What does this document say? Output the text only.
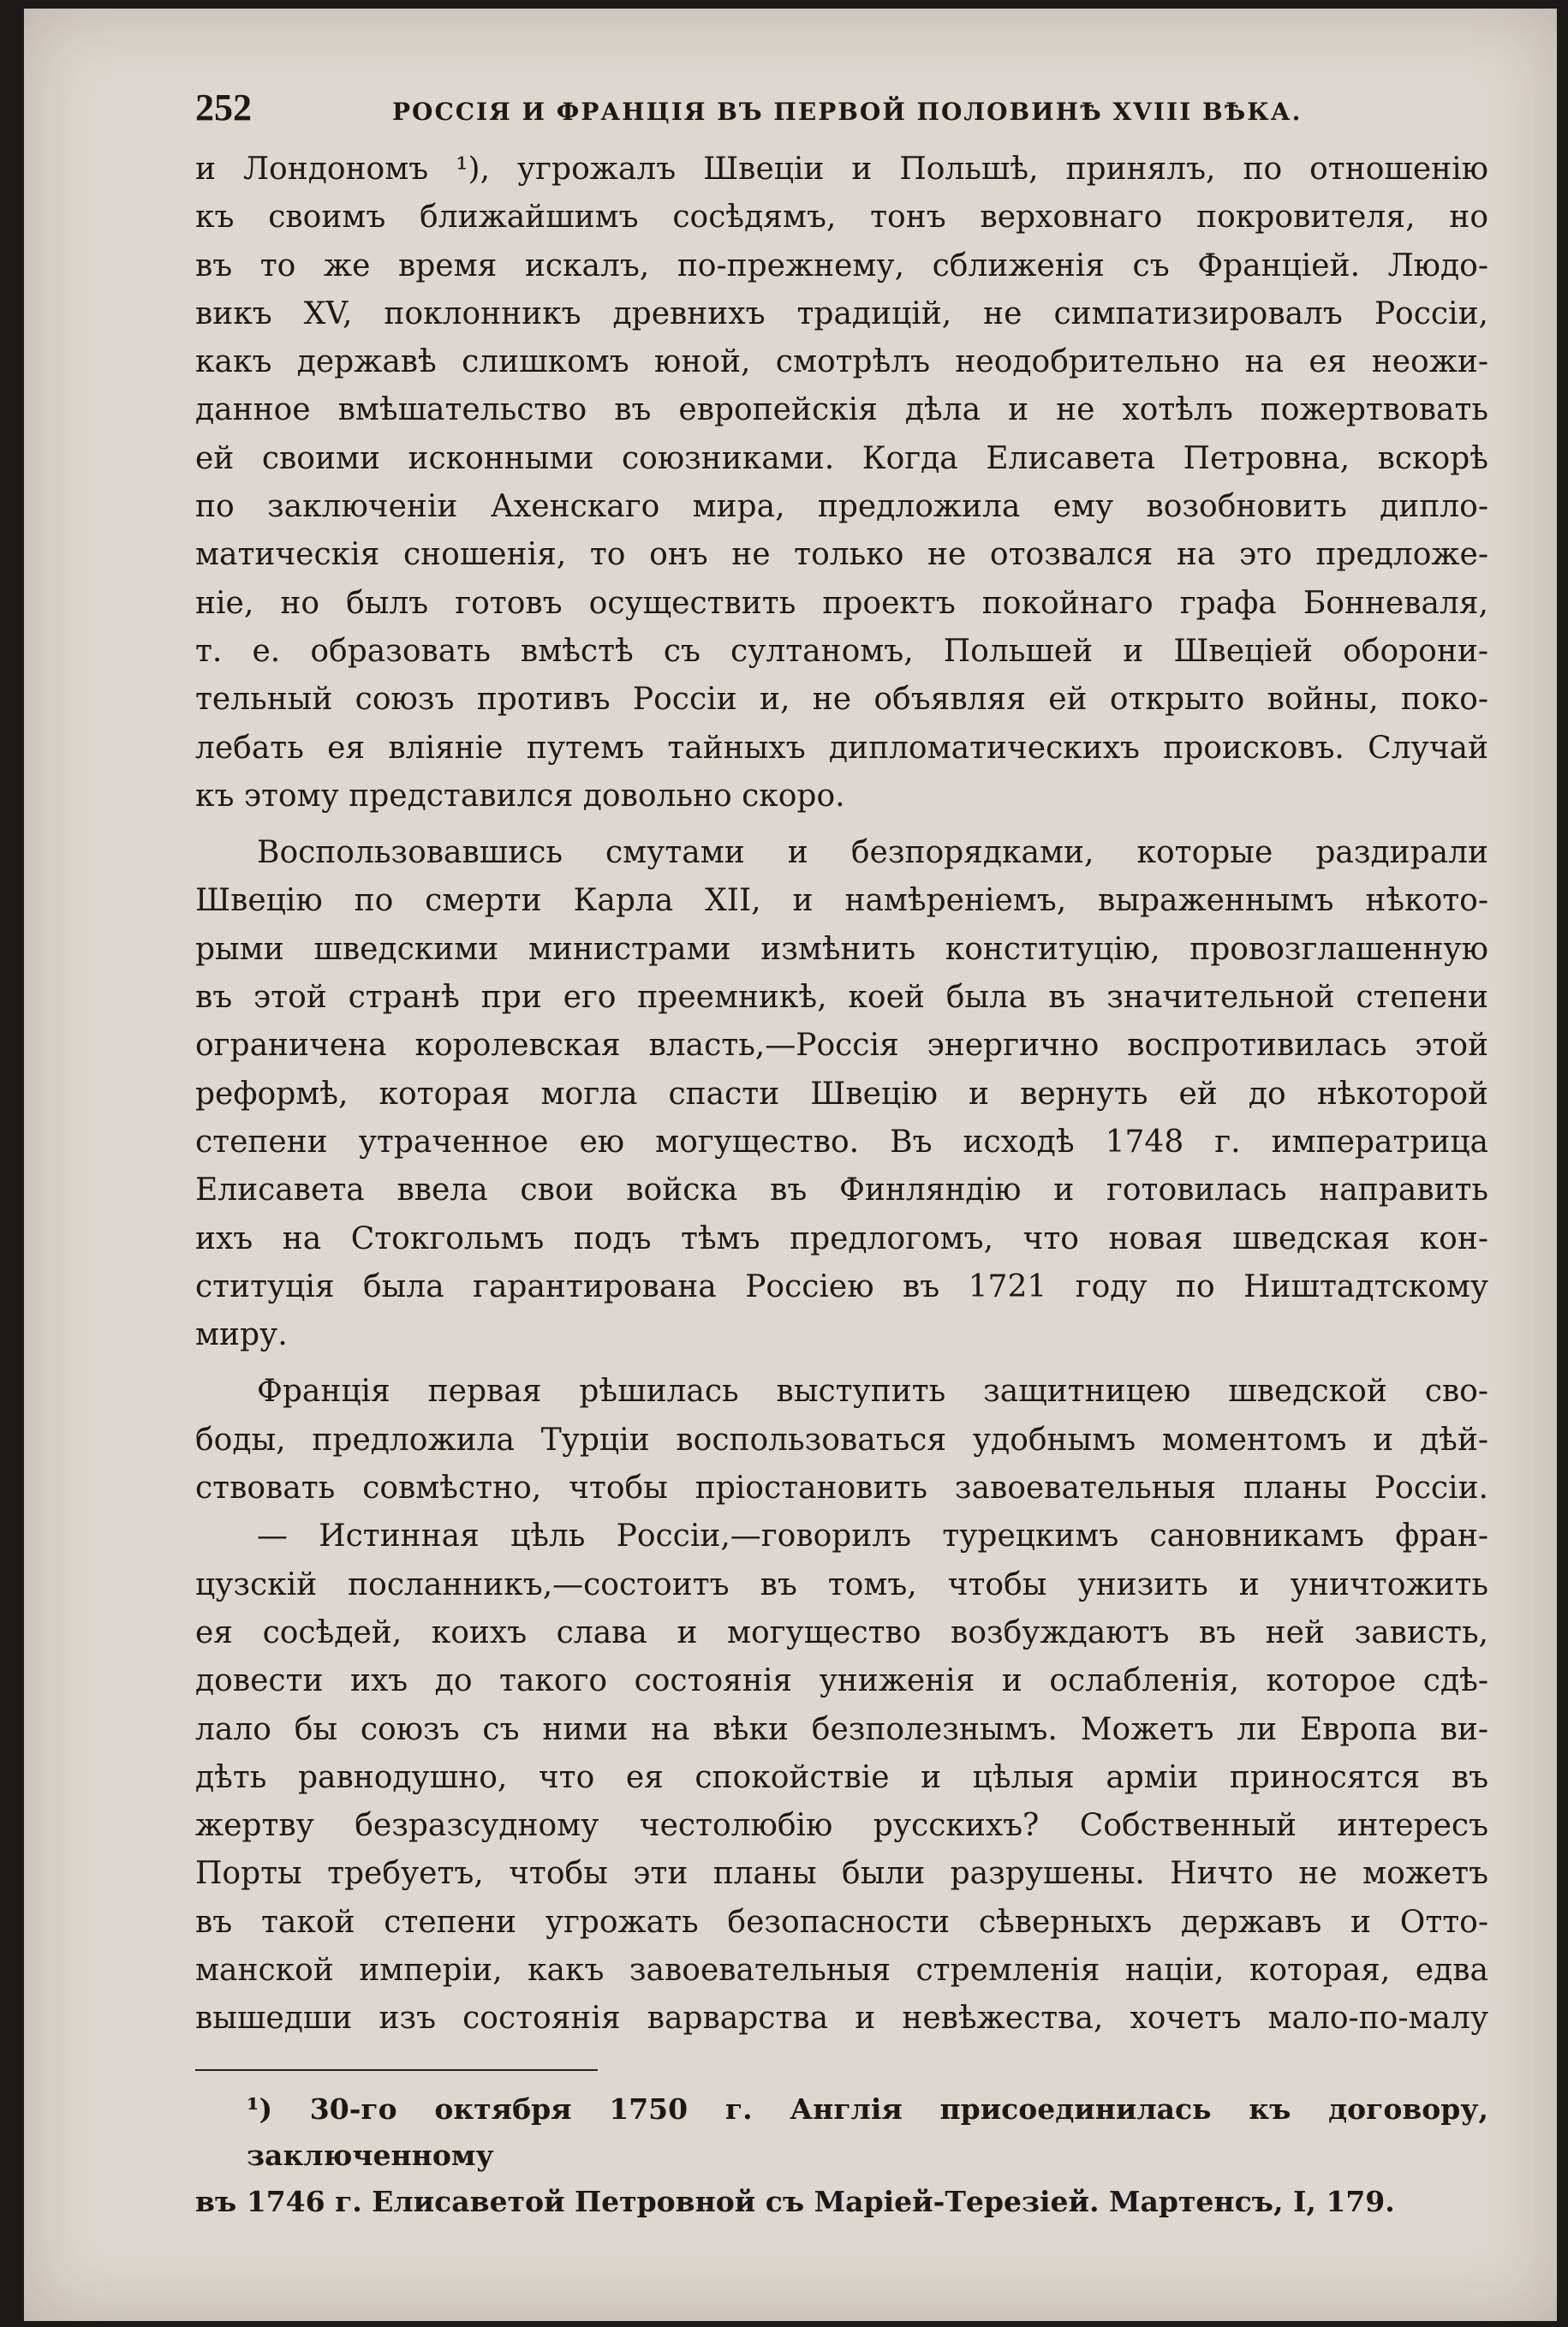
252	РОССІЯ И ФРАНЦІЯ ВЪ ПЕРВОЙ ПОЛОВИНѢ XVIII ВѢКА.

и Лондономъ ¹), угрожалъ Швеціи и Польшѣ, принялъ, по отношенію
къ своимъ ближайшимъ сосѣдямъ, тонъ верховнаго покровителя, но
въ то же время искалъ, по-прежнему, сближенія съ Франціей. Людо-
викъ XV, поклонникъ древнихъ традицій, не симпатизировалъ Россіи,
какъ державѣ слишкомъ юной, смотрѣлъ неодобрительно на ея неожи-
данное вмѣшательство въ европейскія дѣла и не хотѣлъ пожертвовать
ей своими исконными союзниками. Когда Елисавета Петровна, вскорѣ
по заключеніи Ахенскаго мира, предложила ему возобновить дипло-
матическія сношенія, то онъ не только не отозвался на это предложе-
ніе, но былъ готовъ осуществить проектъ покойнаго графа Бонневаля,
т. е. образовать вмѣстѣ съ султаномъ, Польшей и Швеціей оборони-
тельный союзъ противъ Россіи и, не объявляя ей открыто войны, поко-
лебать ея вліяніе путемъ тайныхъ дипломатическихъ происковъ. Случай
къ этому представился довольно скоро.

Воспользовавшись смутами и безпорядками, которые раздирали
Швецію по смерти Карла XII, и намѣреніемъ, выраженнымъ нѣкото-
рыми шведскими министрами измѣнить конституцію, провозглашенную
въ этой странѣ при его преемникѣ, коей была въ значительной степени
ограничена королевская власть,—Россія энергично воспротивилась этой
реформѣ, которая могла спасти Швецію и вернуть ей до нѣкоторой
степени утраченное ею могущество. Въ исходѣ 1748 г. императрица
Елисавета ввела свои войска въ Финляндію и готовилась направить
ихъ на Стокгольмъ подъ тѣмъ предлогомъ, что новая шведская кон-
ституція была гарантирована Россіею въ 1721 году по Ништадтскому
миру.

Франція первая рѣшилась выступить защитницею шведской сво-
боды, предложила Турціи воспользоваться удобнымъ моментомъ и дѣй-
ствовать совмѣстно, чтобы пріостановить завоевательныя планы Россіи.

— Истинная цѣль Россіи,—говорилъ турецкимъ сановникамъ фран-
цузскій посланникъ,—состоитъ въ томъ, чтобы унизить и уничтожить
ея сосѣдей, коихъ слава и могущество возбуждаютъ въ ней зависть,
довести ихъ до такого состоянія униженія и ослабленія, которое сдѣ-
лало бы союзъ съ ними на вѣки безполезнымъ. Можетъ ли Европа ви-
дѣть равнодушно, что ея спокойствіе и цѣлыя арміи приносятся въ
жертву безразсудному честолюбію русскихъ? Собственный интересъ
Порты требуетъ, чтобы эти планы были разрушены. Ничто не можетъ
въ такой степени угрожать безопасности сѣверныхъ державъ и Отто-
манской имперіи, какъ завоевательныя стремленія націи, которая, едва
вышедши изъ состоянія варварства и невѣжества, хочетъ мало-по-малу

¹) 30-го октября 1750 г. Англія присоединилась къ договору, заключенному
въ 1746 г. Елисаветой Петровной съ Маріей-Терезіей. Мартенсъ, I, 179.
